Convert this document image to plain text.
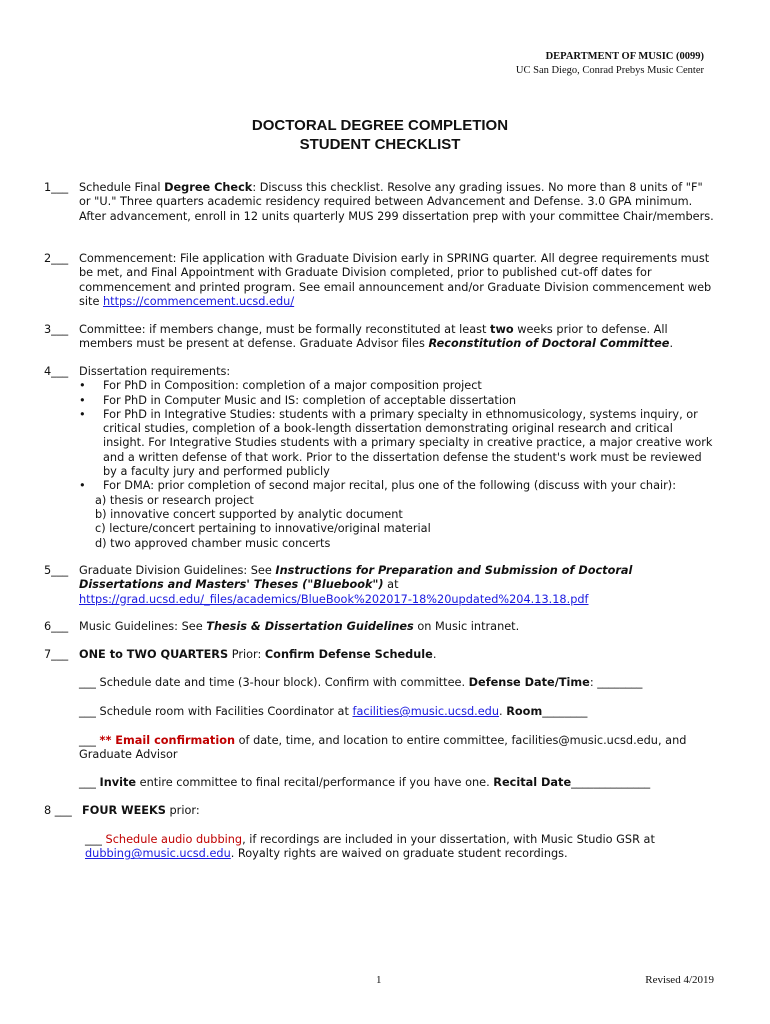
DEPARTMENT OF MUSIC (0099)
UC San Diego, Conrad Prebys Music Center
DOCTORAL DEGREE COMPLETION
STUDENT CHECKLIST
1___ Schedule Final Degree Check: Discuss this checklist. Resolve any grading issues. No more than 8 units of "F" or "U." Three quarters academic residency required between Advancement and Defense. 3.0 GPA minimum. After advancement, enroll in 12 units quarterly MUS 299 dissertation prep with your committee Chair/members.
2___ Commencement: File application with Graduate Division early in SPRING quarter. All degree requirements must be met, and Final Appointment with Graduate Division completed, prior to published cut-off dates for commencement and printed program. See email announcement and/or Graduate Division commencement web site https://commencement.ucsd.edu/
3___ Committee: if members change, must be formally reconstituted at least two weeks prior to defense. All members must be present at defense. Graduate Advisor files Reconstitution of Doctoral Committee.
4___ Dissertation requirements:
• For PhD in Composition: completion of a major composition project
• For PhD in Computer Music and IS: completion of acceptable dissertation
• For PhD in Integrative Studies: students with a primary specialty in ethnomusicology, systems inquiry, or critical studies, completion of a book-length dissertation demonstrating original research and critical insight. For Integrative Studies students with a primary specialty in creative practice, a major creative work and a written defense of that work. Prior to the dissertation defense the student's work must be reviewed by a faculty jury and performed publicly
• For DMA: prior completion of second major recital, plus one of the following (discuss with your chair):
a) thesis or research project
b) innovative concert supported by analytic document
c) lecture/concert pertaining to innovative/original material
d) two approved chamber music concerts
5___ Graduate Division Guidelines: See Instructions for Preparation and Submission of Doctoral Dissertations and Masters' Theses ("Bluebook") at
https://grad.ucsd.edu/_files/academics/BlueBook%202017-18%20updated%204.13.18.pdf
6___ Music Guidelines: See Thesis & Dissertation Guidelines on Music intranet.
7___ ONE to TWO QUARTERS Prior: Confirm Defense Schedule.
___ Schedule date and time (3-hour block). Confirm with committee. Defense Date/Time: ________
___ Schedule room with Facilities Coordinator at facilities@music.ucsd.edu. Room________
___ ** Email confirmation of date, time, and location to entire committee, facilities@music.ucsd.edu, and Graduate Advisor
___ Invite entire committee to final recital/performance if you have one. Recital Date______________
8 ___ FOUR WEEKS prior:
___ Schedule audio dubbing, if recordings are included in your dissertation, with Music Studio GSR at dubbing@music.ucsd.edu. Royalty rights are waived on graduate student recordings.
1	Revised 4/2019
